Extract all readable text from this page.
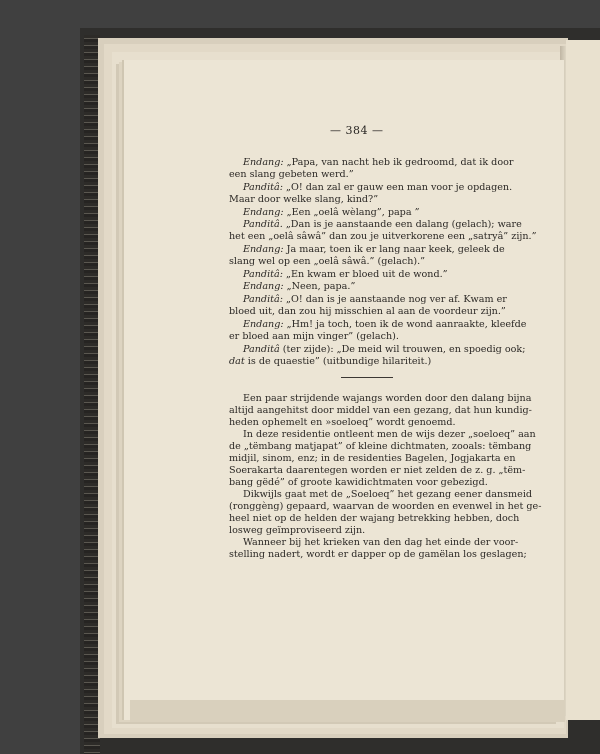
— 384 —
Endang: „Papa, van nacht heb ik gedroomd, dat ik door
een slang gebeten werd.”
Panditâ: „O! dan zal er gauw een man voor je opdagen.
Maar door welke slang, kind?”
Endang: „Een „oelâ wèlang”, papa ”
Panditâ. „Dan is je aanstaande een dalang (gelach); ware
het een „oelâ sâwâ” dan zou je uitverkorene een „satryâ” zijn.”
Endang: Ja maar, toen ik er lang naar keek, geleek de
slang wel op een „oelâ sâwâ.” (gelach).”
Panditâ: „En kwam er bloed uit de wond.”
Endang: „Neen, papa.”
Panditâ: „O! dan is je aanstaande nog ver af. Kwam er
bloed uit, dan zou hij misschien al aan de voordeur zijn.”
Endang: „Hm! ja toch, toen ik de wond aanraakte, kleefde
er bloed aan mijn vinger” (gelach).
Panditâ (ter zijde): „De meid wil trouwen, en spoedig ook;
dat is de quaestie” (uitbundige hilariteit.)
Een paar strijdende wajangs worden door den dalang bijna
altijd aangehitst door middel van een gezang, dat hun kundig-
heden ophemelt en »soeloeq” wordt genoemd.
In deze residentie ontleent men de wijs dezer „soeloeq” aan
de „tëmbang matjapat” of kleine dichtmaten, zooals: tëmbang
midjil, sinom, enz; in de residenties Bagelen, Jogjakarta en
Soerakarta daarentegen worden er niet zelden de z. g. „tëm-
bang gëdé” of groote kawidichtmaten voor gebezigd.
Dikwijls gaat met de „Soeloeq” het gezang eener dansmeid
(ronggèng) gepaard, waarvan de woorden en evenwel in het ge-
heel niet op de helden der wajang betrekking hebben, doch
losweg geïmproviseerd zijn.
Wanneer bij het krieken van den dag het einde der voor-
stelling nadert, wordt er dapper op de gamëlan los geslagen;
